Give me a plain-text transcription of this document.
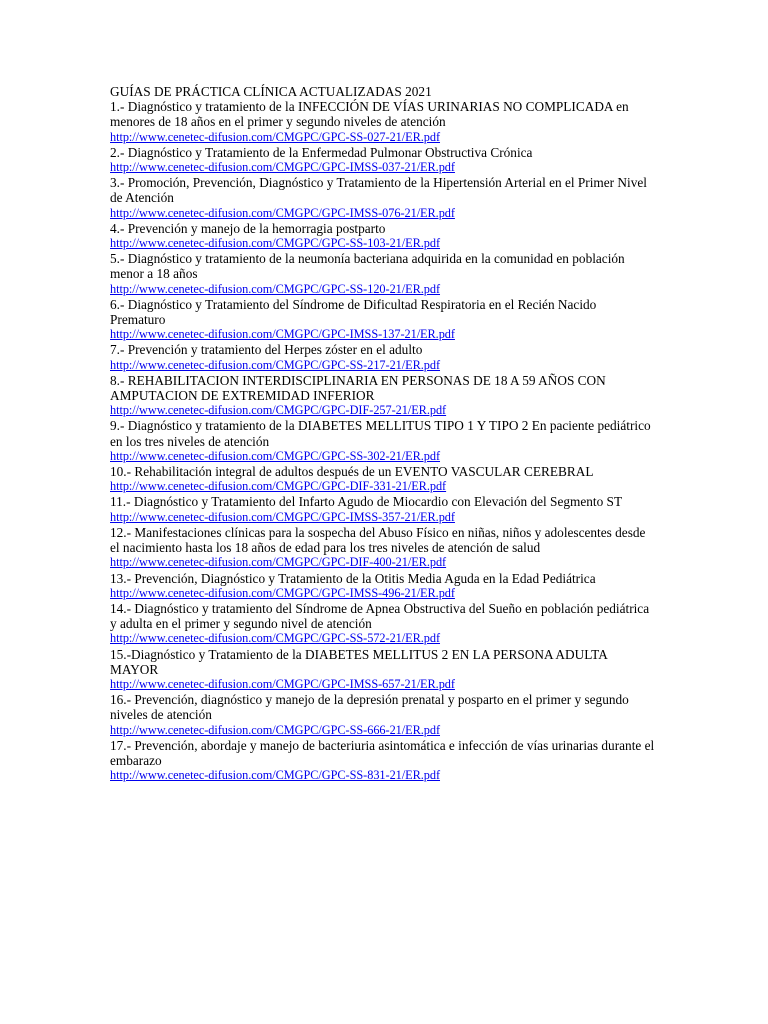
GUÍAS DE PRÁCTICA CLÍNICA ACTUALIZADAS 2021
1.- Diagnóstico y tratamiento de la INFECCIÓN DE VÍAS URINARIAS NO COMPLICADA en menores de 18 años en el primer y segundo niveles de atención
http://www.cenetec-difusion.com/CMGPC/GPC-SS-027-21/ER.pdf
2.- Diagnóstico y Tratamiento de la Enfermedad Pulmonar Obstructiva Crónica
http://www.cenetec-difusion.com/CMGPC/GPC-IMSS-037-21/ER.pdf
3.- Promoción, Prevención, Diagnóstico y Tratamiento de la Hipertensión Arterial en el Primer Nivel de Atención
http://www.cenetec-difusion.com/CMGPC/GPC-IMSS-076-21/ER.pdf
4.- Prevención y manejo de la hemorragia postparto
http://www.cenetec-difusion.com/CMGPC/GPC-SS-103-21/ER.pdf
5.- Diagnóstico y tratamiento de la neumonía bacteriana adquirida en la comunidad en población menor a 18 años
http://www.cenetec-difusion.com/CMGPC/GPC-SS-120-21/ER.pdf
6.- Diagnóstico y Tratamiento del Síndrome de Dificultad Respiratoria en el Recién Nacido Prematuro
http://www.cenetec-difusion.com/CMGPC/GPC-IMSS-137-21/ER.pdf
7.- Prevención y tratamiento del Herpes zóster en el adulto
http://www.cenetec-difusion.com/CMGPC/GPC-SS-217-21/ER.pdf
8.- REHABILITACION INTERDISCIPLINARIA EN PERSONAS DE 18 A 59 AÑOS CON AMPUTACION DE EXTREMIDAD INFERIOR
http://www.cenetec-difusion.com/CMGPC/GPC-DIF-257-21/ER.pdf
9.- Diagnóstico y tratamiento de la DIABETES MELLITUS TIPO 1 Y TIPO 2 En paciente pediátrico en los tres niveles de atención
http://www.cenetec-difusion.com/CMGPC/GPC-SS-302-21/ER.pdf
10.- Rehabilitación integral de adultos después de un EVENTO VASCULAR CEREBRAL
http://www.cenetec-difusion.com/CMGPC/GPC-DIF-331-21/ER.pdf
11.- Diagnóstico y Tratamiento del Infarto Agudo de Miocardio con Elevación del Segmento ST
http://www.cenetec-difusion.com/CMGPC/GPC-IMSS-357-21/ER.pdf
12.- Manifestaciones clínicas para la sospecha del Abuso Físico en niñas, niños y adolescentes desde el nacimiento hasta los 18 años de edad para los tres niveles de atención de salud
http://www.cenetec-difusion.com/CMGPC/GPC-DIF-400-21/ER.pdf
13.- Prevención, Diagnóstico y Tratamiento de la Otitis Media Aguda en la Edad Pediátrica
http://www.cenetec-difusion.com/CMGPC/GPC-IMSS-496-21/ER.pdf
14.- Diagnóstico y tratamiento del Síndrome de Apnea Obstructiva del Sueño en población pediátrica y adulta en el primer y segundo nivel de atención
http://www.cenetec-difusion.com/CMGPC/GPC-SS-572-21/ER.pdf
15.-Diagnóstico y Tratamiento de la DIABETES MELLITUS 2 EN LA PERSONA ADULTA MAYOR
http://www.cenetec-difusion.com/CMGPC/GPC-IMSS-657-21/ER.pdf
16.- Prevención, diagnóstico y manejo de la depresión prenatal y posparto en el primer y segundo niveles de atención
http://www.cenetec-difusion.com/CMGPC/GPC-SS-666-21/ER.pdf
17.- Prevención, abordaje y manejo de bacteriuria asintomática e infección de vías urinarias durante el embarazo
http://www.cenetec-difusion.com/CMGPC/GPC-SS-831-21/ER.pdf
